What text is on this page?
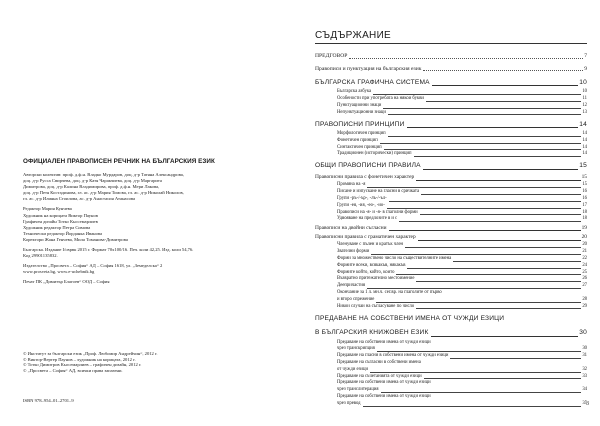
ОФИЦИАЛЕН ПРАВОПИСЕН РЕЧНИК НА БЪЛГАРСКИЯ ЕЗИК
Авторски колектив: проф. д.ф.н. Владко Мурдаров, доц. д-р Татяна Александрова,
доц. д-р Русса Свирчева, доц. д-р Катя Чаракчиева, доц. д-р Маргарита
Димитрова, доц. д-р Калина Владимирова, проф. д.ф.н. Мери Лакова,
доц. д-р Петя Костадинова, гл. ас. д-р Мария Томова, гл. ас. д-р Николай Николов,
гл. ас. д-р Илияна Стоилова, ас. д-р Анастасия Атанасова
Редактор Мария Кунчева
Художник на корицата Виктор Паунов
Графичен дизайн Тотко Кьосемарлиев
Художник редактор Петра Симова
Технически редактор Йорданка Иванова
Коректори Жана Генчева, Мила Томанова-Димитрова
Българска. Издание I/сврвк 2015 г. Формат 70х100/16. Печ. коли 42,25. Изд. коли 54,76.
Код 29901135832.
Издателство „Просвета – София“ АД – София 1618, ул. „Земеделска“ 2
www.prosveta.bg, www.e-uchebnik.bg
Печат ПК „Димитър Благоев“ ООД – София
© Институт за български език „Проф. Любомир Андрейчин“, 2012 г.
© Виктор-Вертер Паунов – художник на корицата, 2012 г.
© Тотко Димитров Кьосемарлиев – графичен дизайн, 2012 г.
© „Просвета – София“ АД, всички права запазени.
ISBN 978–954–01–2701–9
СЪДЪРЖАНИЕ
ПРЕДГОВОР	7
Правописи и пунктуация на българския език	9
БЪЛГАРСКА ГРАФИЧНА СИСТЕМА	10
Българска азбука	10
Особености при употребата на някои букви	11
Пунктуационни знаци	12
Непунктуационни знаци	13
ПРАВОПИСНИ ПРИНЦИПИ	14
Морфологичен принцип	14
Фонетичен принцип	14
Синтактичен принцип	14
Традиционен (исторически) принцип	14
ОБЩИ ПРАВОПИСНИ ПРАВИЛА	15
Правописни правила с фонетичен характер	15
Промяна на ‑я	15
Писане и изпускане на гласни в сричката	16
Групи ‑ръ‑/‑ър‑, ‑лъ‑/‑ъл‑	16
Групи ‑ея, ‑ия, ‑ео‑, ‑ио‑	17
Правописи на ‑я‑ и ‑я‑ в глаголни форми	18
Удвояване на предлозите в и с	18
Правописи на двойни съгласни	19
Правописни правила с граматичен характер	20
Членуване с пълен и кратък член	20
Звателни форми	21
Форми за множествено число на съществителните имена	22
Формите всеки, всякакъв, някакъв	24
Формите който, който, които	25
Възвратно притежателно местоимение	26
Деепричастия	27
Окончание за 1 л. мн.ч. сег.вр. на глаголите от първо
и второ спрежение	28
Никои случаи на съгласуване по число	29
ПРЕДАВАНЕ НА СОБСТВЕНИ ИМЕНА ОТ ЧУЖДИ ЕЗИЦИ
В БЪЛГАРСКИЯ КНИЖОВЕН ЕЗИК	30
Предаване на собствени имена от чужди езици
чрез транскрипция	30
Предаване на гласни в собствени имена от чужди езици	31
Предаване на съгласни в собствени имена
от чужди езици	32
Предаване на съчетанията от чужди езици	33
Предаване на собствени имена от чужди езици
чрез транслитерация	34
Предаване на собствени имена от чужди езици
чрез превод	35 3
